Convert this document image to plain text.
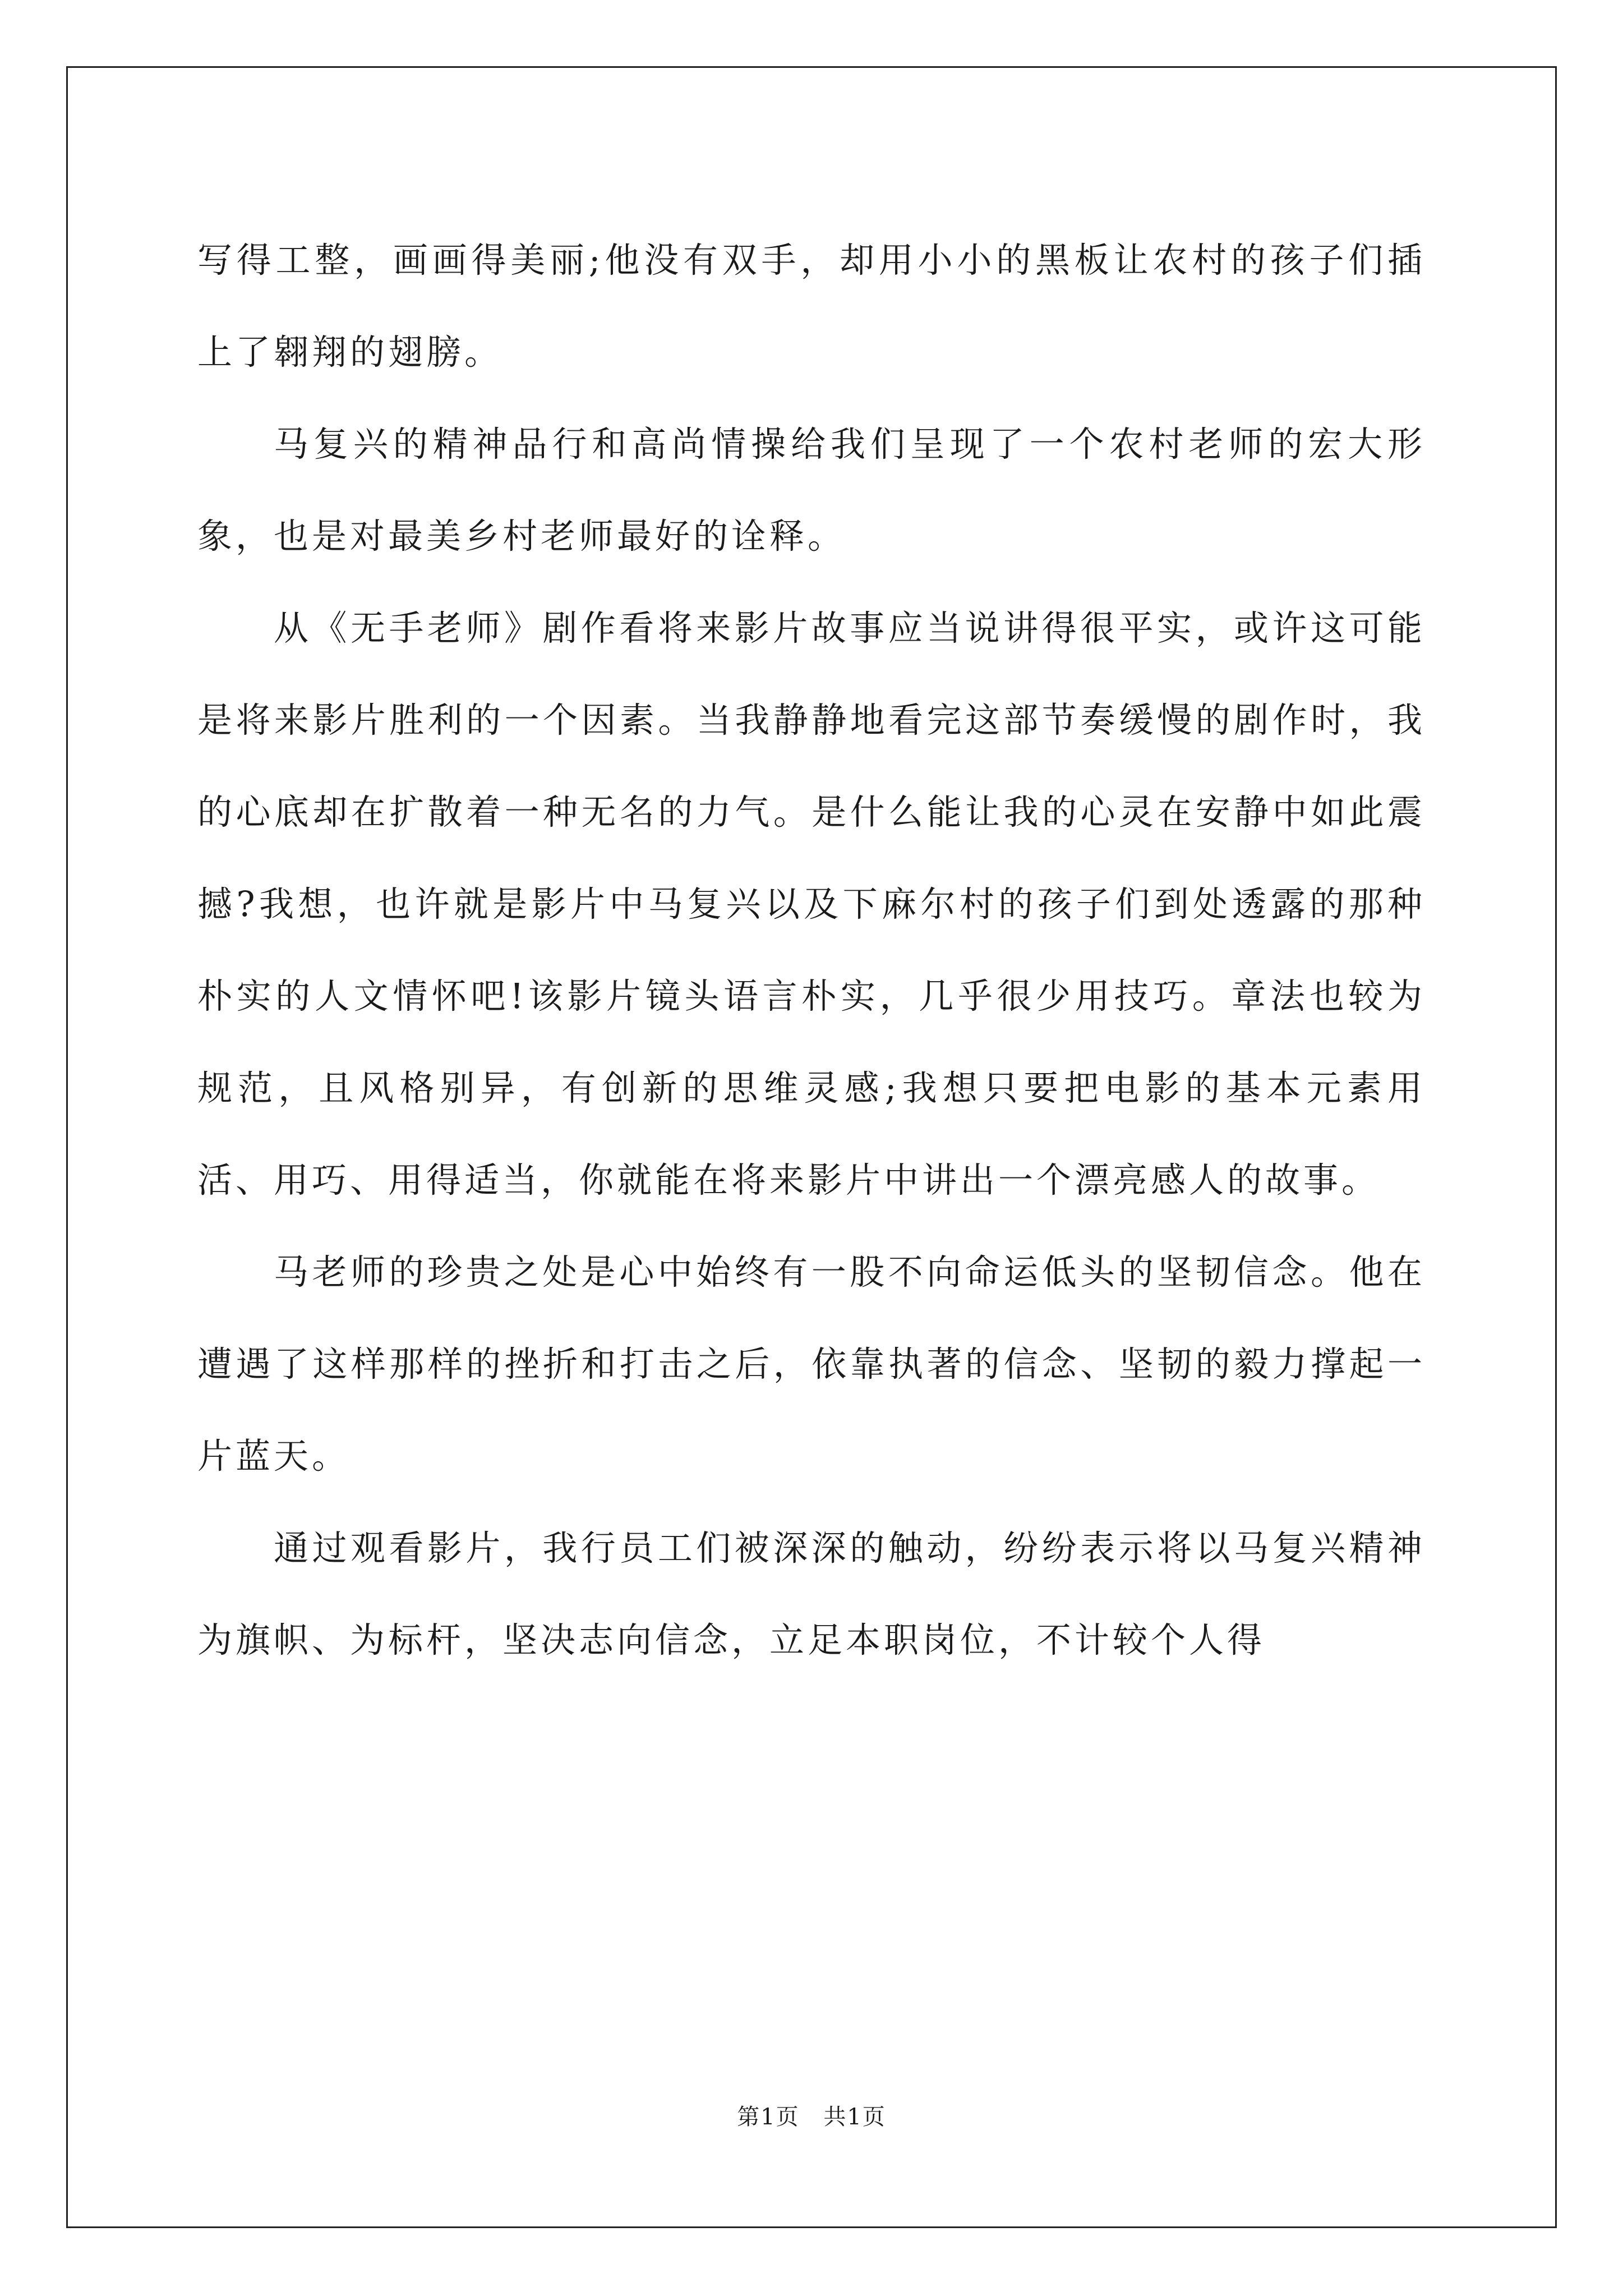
写得工整，画画得美丽;他没有双手，却用小小的黑板让农村的孩子们插上了翱翔的翅膀。

马复兴的精神品行和高尚情操给我们呈现了一个农村老师的宏大形象，也是对最美乡村老师最好的诠释。

从《无手老师》剧作看将来影片故事应当说讲得很平实，或许这可能是将来影片胜利的一个因素。当我静静地看完这部节奏缓慢的剧作时，我的心底却在扩散着一种无名的力气。是什么能让我的心灵在安静中如此震撼?我想，也许就是影片中马复兴以及下麻尔村的孩子们到处透露的那种朴实的人文情怀吧!该影片镜头语言朴实，几乎很少用技巧。章法也较为规范，且风格别异，有创新的思维灵感;我想只要把电影的基本元素用活、用巧、用得适当，你就能在将来影片中讲出一个漂亮感人的故事。

马老师的珍贵之处是心中始终有一股不向命运低头的坚韧信念。他在遭遇了这样那样的挫折和打击之后，依靠执著的信念、坚韧的毅力撑起一片蓝天。

通过观看影片，我行员工们被深深的触动，纷纷表示将以马复兴精神为旗帜、为标杆，坚决志向信念，立足本职岗位，不计较个人得

第1页 共1页
